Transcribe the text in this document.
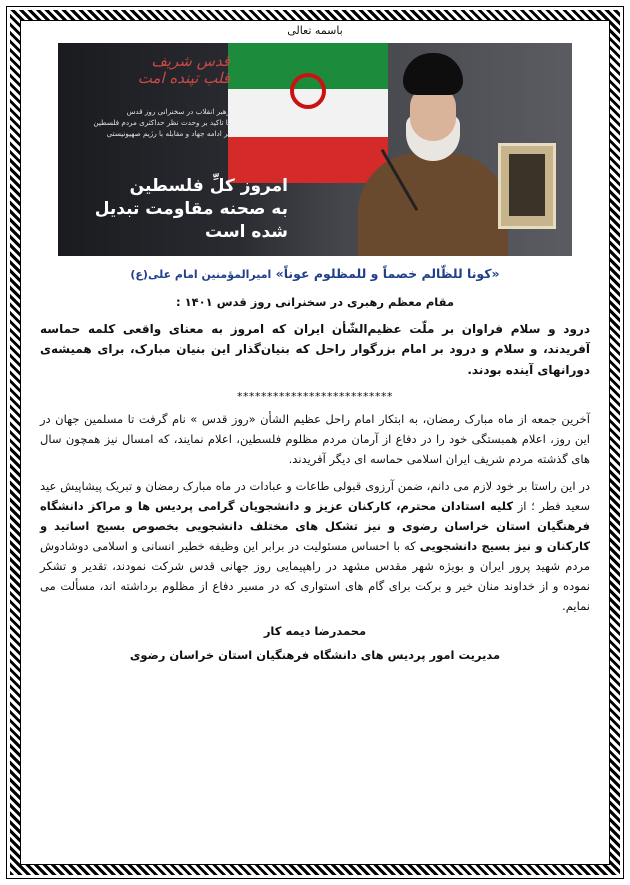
باسمه تعالی
قدس شریف
قلب تپنده امت
رهبر انقلاب در سخنرانی روز قدس
با تاکید بر وحدت نظر حداکثری مردم فلسطین
بر ادامه جهاد و مقابله با رژیم صهیونیستی
امروز کلِّ فلسطین
به صحنه مقاومت تبدیل شده است
«کونا للظّالم خصماً و للمظلوم عوناً» امیرالمؤمنین امام علی(ع)
مقام معظم رهبری در سخنرانی روز قدس ۱۴۰۱ :
درود و سلام فراوان بر ملّت عظیم‌الشّأن ایران که امروز به معنای واقعی کلمه حماسه آفریدند، و سلام و درود بر امام بزرگوار راحل که بنیان‌گذار این بنیان مبارک، برای همیشه‌ی دورانهای آینده بودند.
**************************
آخرین جمعه از ماه مبارک رمضان، به ابتکار امام راحل عظیم الشأن «روز قدس » نام گرفت تا مسلمین جهان در این روز، اعلام همبستگی خود را در دفاع از آرمان مردم مظلوم فلسطین، اعلام نمایند، که امسال نیز همچون سال های گذشته مردم شریف ایران اسلامی حماسه ای دیگر آفریدند.
در این راستا بر خود لازم می دانم، ضمن آرزوی قبولی طاعات و عبادات در ماه مبارک رمضان و تبریک پیشاپیش عید سعید فطر ؛ از کلیه استادان محترم، کارکنان عزیز و دانشجویان گرامی پردیس ها و مراکز دانشگاه فرهنگیان استان خراسان رضوی و نیز تشکل های مختلف دانشجویی بخصوص بسیج اساتید و کارکنان و نیز بسیج دانشجویی که با احساس مسئولیت در برابر این وظیفه خطیر انسانی و اسلامی دوشادوش مردم شهید پرور ایران و بویژه شهر مقدس مشهد در راهپیمایی روز جهانی قدس شرکت نمودند، تقدیر و تشکر نموده و از خداوند منان خیر و برکت برای گام های استواری که در مسیر دفاع از مظلوم برداشته اند، مسألت می نمایم.
محمدرضا دیمه کار
مدیریت امور پردیس های دانشگاه فرهنگیان استان خراسان رضوی
